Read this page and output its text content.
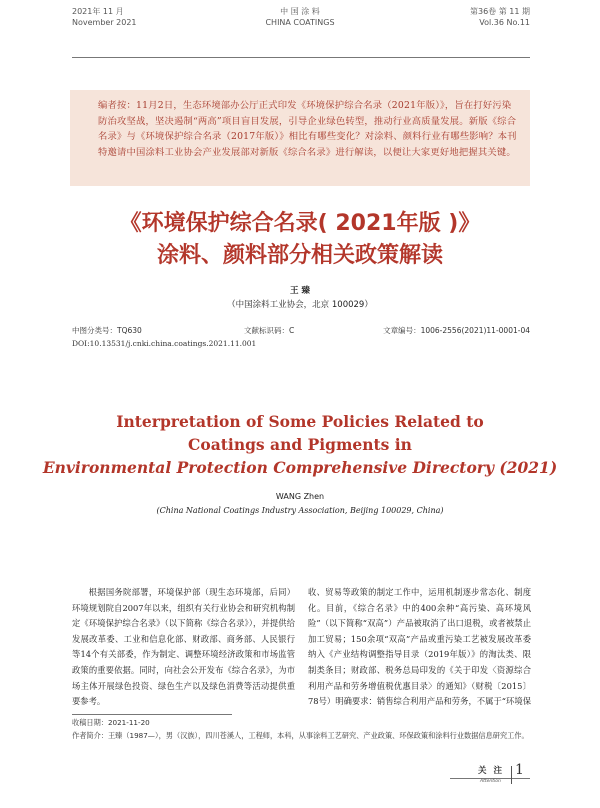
2021年 11 月
November 2021
中 国 涂 料
CHINA COATINGS
第36卷 第 11 期
Vol.36 No.11
编者按：11月2日，生态环境部办公厅正式印发《环境保护综合名录（2021年版）》，旨在打好污染防治攻坚战，坚决遏制“两高”项目盲目发展，引导企业绿色转型，推动行业高质量发展。新版《综合名录》与《环境保护综合名录（2017年版）》相比有哪些变化？对涂料、颜料行业有哪些影响？本刊特邀请中国涂料工业协会产业发展部对新版《综合名录》进行解读，以便让大家更好地把握其关键。
《环境保护综合名录( 2021年版 )》
涂料、颜料部分相关政策解读
王 臻
（中国涂料工业协会，北京 100029）
中图分类号：TQ630	文献标识码：C	文章编号：1006-2556(2021)11-0001-04
DOI:10.13531/j.cnki.china.coatings.2021.11.001
Interpretation of Some Policies Related to
Coatings and Pigments in
Environmental Protection Comprehensive Directory (2021)
WANG Zhen
(China National Coatings Industry Association, Beijing 100029, China)

根据国务院部署，环境保护部（现生态环境部，后同）环境规划院自2007年以来，组织有关行业协会和研究机构制定《环境保护综合名录》（以下简称《综合名录》），并提供给发展改革委、工业和信息化部、财政部、商务部、人民银行等14个有关部委，作为制定、调整环境经济政策和市场监管政策的重要依据。同时，向社会公开发布《综合名录》，为市场主体开展绿色投资、绿色生产以及绿色消费等活动提供重要参考。

收、贸易等政策的制定工作中，运用机制逐步常态化、制度化。目前，《综合名录》中的400余种“高污染、高环境风险”（以下简称“双高”）产品被取消了出口退税，或者被禁止加工贸易；150余项“双高”产品或重污染工艺被发展改革委纳入《产业结构调整指导目录（2019年版）》的淘汰类、限制类条目；财政部、税务总局印发的《关于印发〈资源综合利用产品和劳务增值税优惠目录〉的通知》（财税〔2015〕78号）明确要求：销售综合利用产品和劳务，不属于“环境保

收稿日期：2021-11-20
作者简介：王臻（1987—），男（汉族），四川苍溪人，工程师，本科，从事涂料工艺研究、产业政策、环保政策和涂料行业数据信息研究工作。
关 注
Attention
1
